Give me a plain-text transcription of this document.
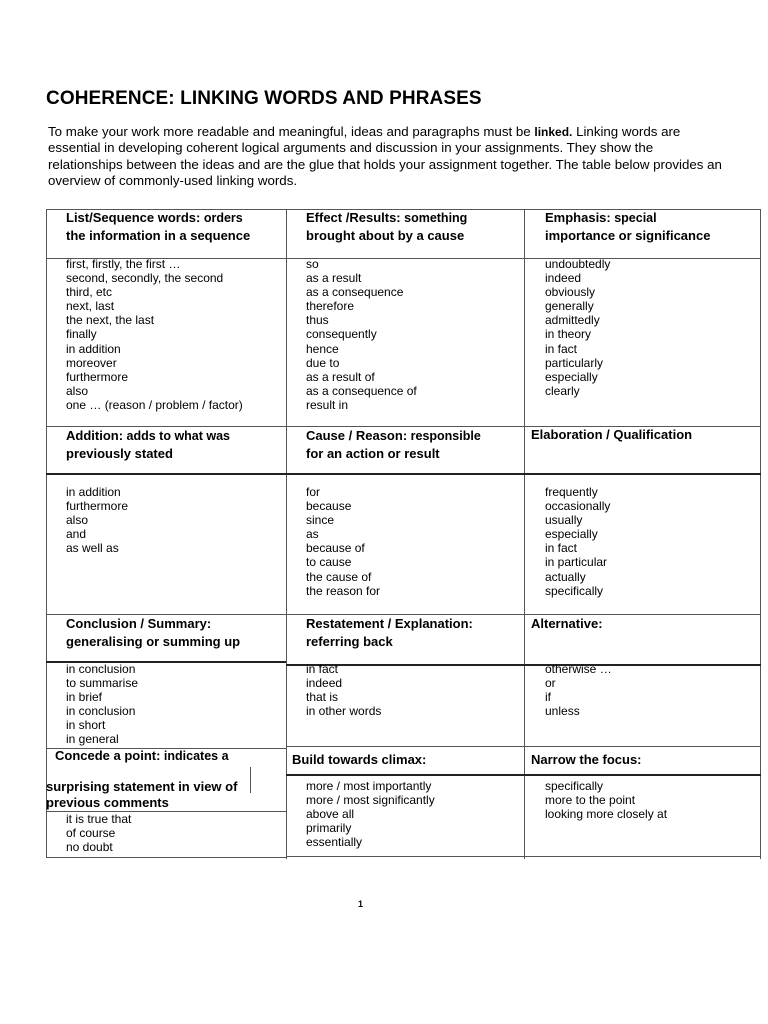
COHERENCE: LINKING WORDS AND PHRASES
To make your work more readable and meaningful, ideas and paragraphs must be linked. Linking words are essential in developing coherent logical arguments and discussion in your assignments. They show the relationships between the ideas and are the glue that holds your assignment together. The table below provides an overview of commonly-used linking words.
List/Sequence words: orders
the information in a sequence
Effect /Results: something
brought about by a cause
Emphasis: special
importance or significance
first, firstly, the first …
second, secondly, the second
third, etc
next, last
the next, the last
finally
in addition
moreover
furthermore
also
one … (reason / problem / factor)
so
as a result
as a consequence
therefore
thus
consequently
hence
due to
as a result of
as a consequence of
result in
undoubtedly
indeed
obviously
generally
admittedly
in theory
in fact
particularly
especially
clearly
Addition: adds to what was
previously stated
Cause / Reason: responsible
for an action or result
Elaboration / Qualification
in addition
furthermore
also
and
as well as
for
because
since
as
because of
to cause
the cause of
the reason for
frequently
occasionally
usually
especially
in fact
in particular
actually
specifically
Conclusion / Summary:
generalising or summing up
Restatement / Explanation:
referring back
Alternative:
in conclusion
to summarise
in brief
in conclusion
in short
in general
in fact
indeed
that is
in other words
otherwise …
or
if
unless
Concede a point: indicates a
surprising statement in view of
previous comments
Build towards climax:	Narrow the focus:
it is true that
of course
no doubt
more / most importantly
more / most significantly
above all
primarily
essentially
specifically
more to the point
looking more closely at
1
